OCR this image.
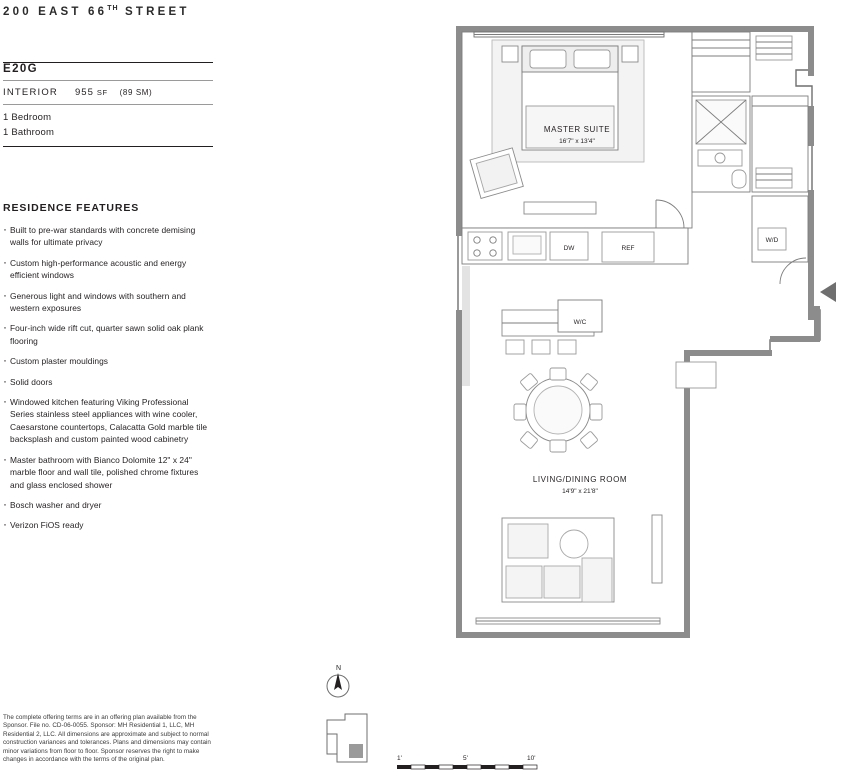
200 EAST 66TH STREET
E20G
INTERIOR	955 SF (89 SM)
1 Bedroom
1 Bathroom
RESIDENCE FEATURES
· Built to pre-war standards with concrete demising walls for ultimate privacy
· Custom high-performance acoustic and energy efficient windows
· Generous light and windows with southern and western exposures
· Four-inch wide rift cut, quarter sawn solid oak plank flooring
· Custom plaster mouldings
· Solid doors
· Windowed kitchen featuring Viking Professional Series stainless steel appliances with wine cooler, Caesarstone countertops, Calacatta Gold marble tile backsplash and custom painted wood cabinetry
· Master bathroom with Bianco Dolomite 12" x 24" marble floor and wall tile, polished chrome fixtures and glass enclosed shower
· Bosch washer and dryer
· Verizon FiOS ready
The complete offering terms are in an offering plan available from the Sponsor. File no. CD-06-0055. Sponsor: MH Residential 1, LLC, MH Residential 2, LLC. All dimensions are approximate and subject to normal construction variances and tolerances. Plans and dimensions may contain minor variations from floor to floor. Sponsor reserves the right to make changes in accordance with the terms of the original plan.
MASTER SUITE
16'7" x 13'4"
W/D
DW	REF
W/C
LIVING/DINING ROOM
14'9" x 21'8"
N
1'	5'	10'
